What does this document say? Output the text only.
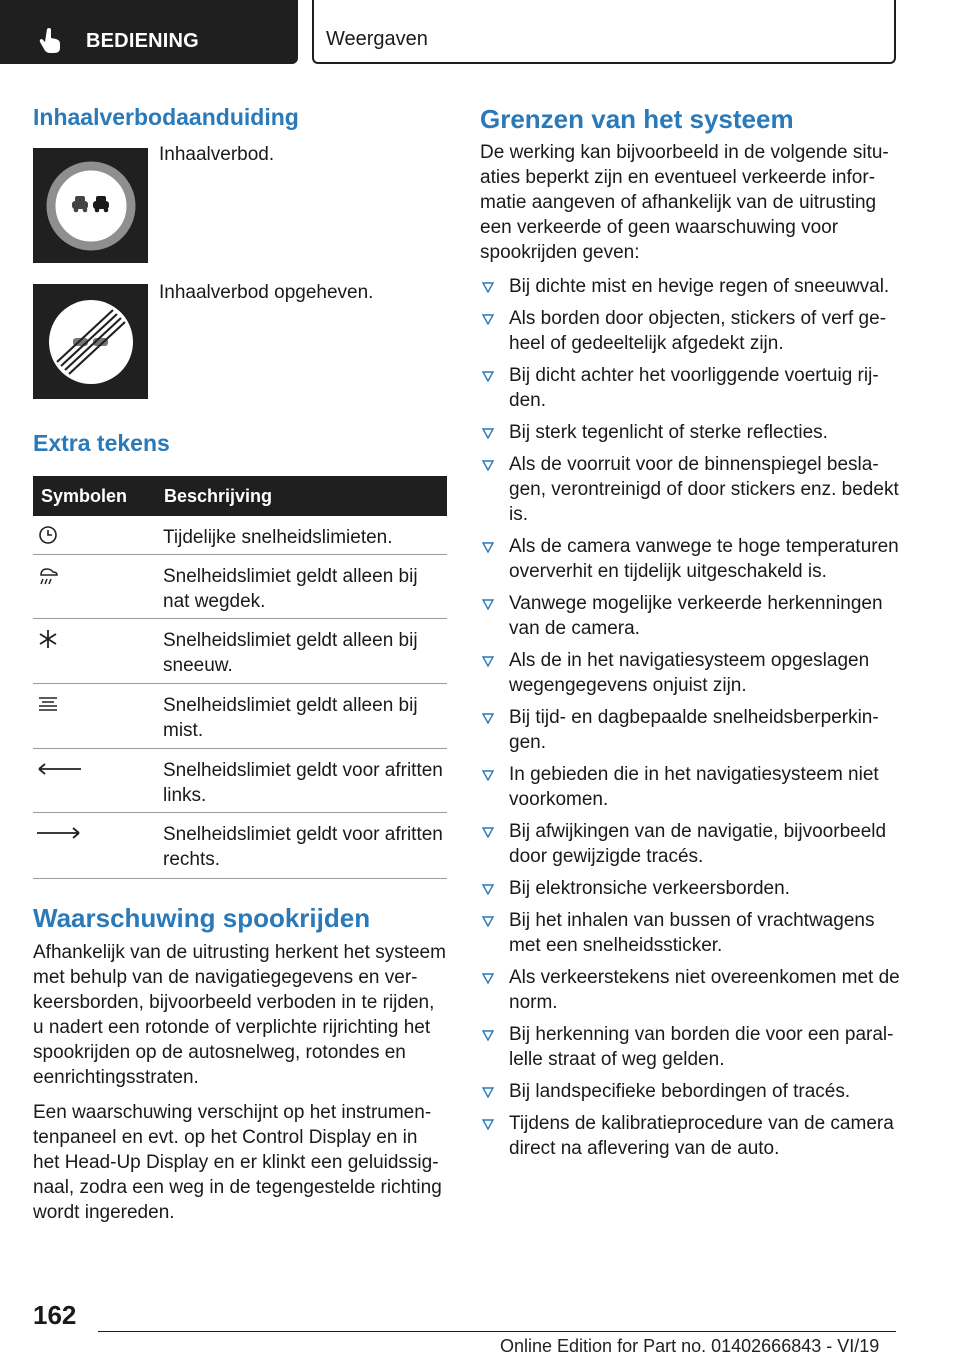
BEDIENING	Weergaven
Inhaalverbodaanduiding
Inhaalverbod.
Inhaalverbod opgeheven.
Extra tekens
Symbolen Beschrijving
Tijdelijke snelheidslimieten.
Snelheidslimiet geldt alleen bij nat wegdek.
Snelheidslimiet geldt alleen bij sneeuw.
Snelheidslimiet geldt alleen bij mist.
Snelheidslimiet geldt voor afritten links.
Snelheidslimiet geldt voor afritten rechts.
Waarschuwing spookrijden
Afhankelijk van de uitrusting herkent het systeem met behulp van de navigatiegegevens en verkeersborden, bijvoorbeeld verboden in te rijden, u nadert een rotonde of verplichte rijrichting het spookrijden op de autosnelweg, rotondes en eenrichtingsstraten.
Een waarschuwing verschijnt op het instrumentenpaneel en evt. op het Control Display en in het Head-Up Display en er klinkt een geluidssignaal, zodra een weg in de tegengestelde richting wordt ingereden.
Grenzen van het systeem
De werking kan bijvoorbeeld in de volgende situaties beperkt zijn en eventueel verkeerde informatie aangeven of afhankelijk van de uitrusting een verkeerde of geen waarschuwing voor spookrijden geven:
Bij dichte mist en hevige regen of sneeuwval.
Als borden door objecten, stickers of verf geheel of gedeeltelijk afgedekt zijn.
Bij dicht achter het voorliggende voertuig rijden.
Bij sterk tegenlicht of sterke reflecties.
Als de voorruit voor de binnenspiegel beslagen, verontreinigd of door stickers enz. bedekt is.
Als de camera vanwege te hoge temperaturen oververhit en tijdelijk uitgeschakeld is.
Vanwege mogelijke verkeerde herkenningen van de camera.
Als de in het navigatiesysteem opgeslagen wegengegevens onjuist zijn.
Bij tijd- en dagbepaalde snelheidsberperkingen.
In gebieden die in het navigatiesysteem niet voorkomen.
Bij afwijkingen van de navigatie, bijvoorbeeld door gewijzigde tracés.
Bij elektronsiche verkeersborden.
Bij het inhalen van bussen of vrachtwagens met een snelheidssticker.
Als verkeerstekens niet overeenkomen met de norm.
Bij herkenning van borden die voor een parallelle straat of weg gelden.
Bij landspecifieke bebordingen of tracés.
Tijdens de kalibratieprocedure van de camera direct na aflevering van de auto.
162
Online Edition for Part no. 01402666843 - VI/19
